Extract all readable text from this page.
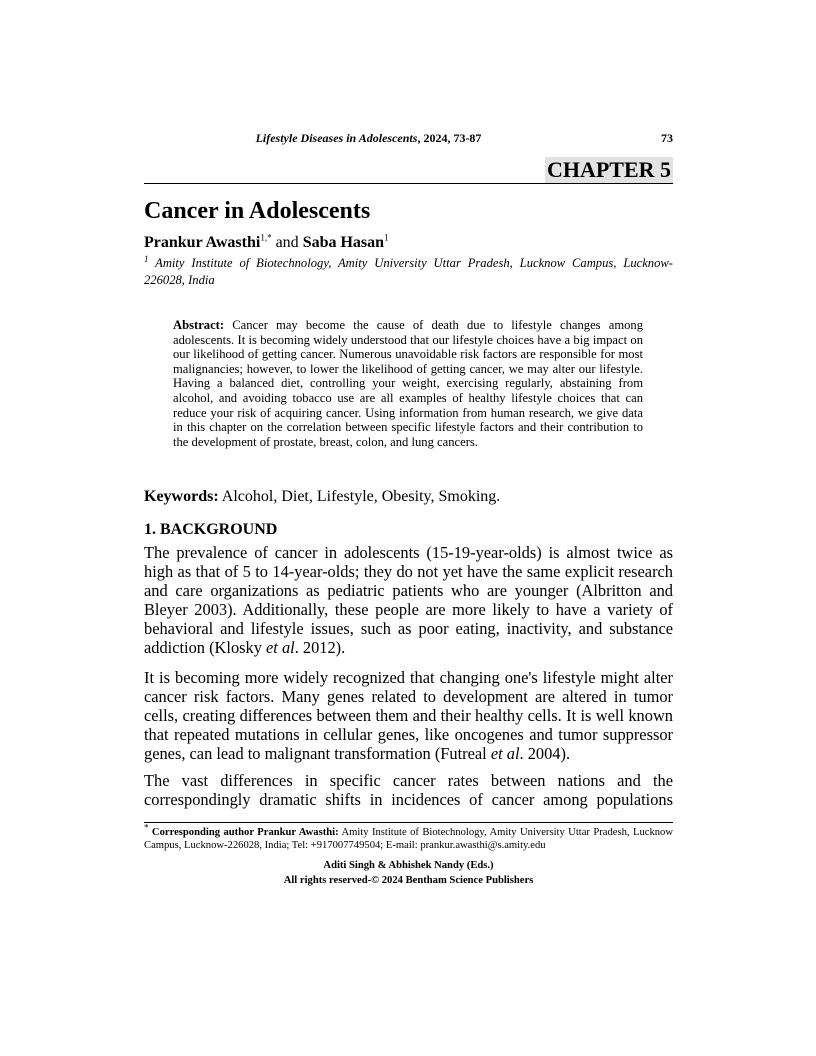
Lifestyle Diseases in Adolescents, 2024, 73-87	73
CHAPTER 5
Cancer in Adolescents
Prankur Awasthi$^{1,*}$ and Saba Hasan$^1$
$^1$ Amity Institute of Biotechnology, Amity University Uttar Pradesh, Lucknow Campus, Lucknow-226028, India
Abstract: Cancer may become the cause of death due to lifestyle changes among adolescents. It is becoming widely understood that our lifestyle choices have a big impact on our likelihood of getting cancer. Numerous unavoidable risk factors are responsible for most malignancies; however, to lower the likelihood of getting cancer, we may alter our lifestyle. Having a balanced diet, controlling your weight, exercising regularly, abstaining from alcohol, and avoiding tobacco use are all examples of healthy lifestyle choices that can reduce your risk of acquiring cancer. Using information from human research, we give data in this chapter on the correlation between specific lifestyle factors and their contribution to the development of prostate, breast, colon, and lung cancers.
Keywords: Alcohol, Diet, Lifestyle, Obesity, Smoking.
1. BACKGROUND
The prevalence of cancer in adolescents (15-19-year-olds) is almost twice as high as that of 5 to 14-year-olds; they do not yet have the same explicit research and care organizations as pediatric patients who are younger (Albritton and Bleyer 2003). Additionally, these people are more likely to have a variety of behavioral and lifestyle issues, such as poor eating, inactivity, and substance addiction (Klosky et al. 2012).
It is becoming more widely recognized that changing one's lifestyle might alter cancer risk factors. Many genes related to development are altered in tumor cells, creating differences between them and their healthy cells. It is well known that repeated mutations in cellular genes, like oncogenes and tumor suppressor genes, can lead to malignant transformation (Futreal et al. 2004).
The vast differences in specific cancer rates between nations and the correspondingly dramatic shifts in incidences of cancer among populations
* Corresponding author Prankur Awasthi: Amity Institute of Biotechnology, Amity University Uttar Pradesh, Lucknow Campus, Lucknow-226028, India; Tel: +917007749504; E-mail: prankur.awasthi@s.amity.edu
Aditi Singh & Abhishek Nandy (Eds.)
All rights reserved-© 2024 Bentham Science Publishers
